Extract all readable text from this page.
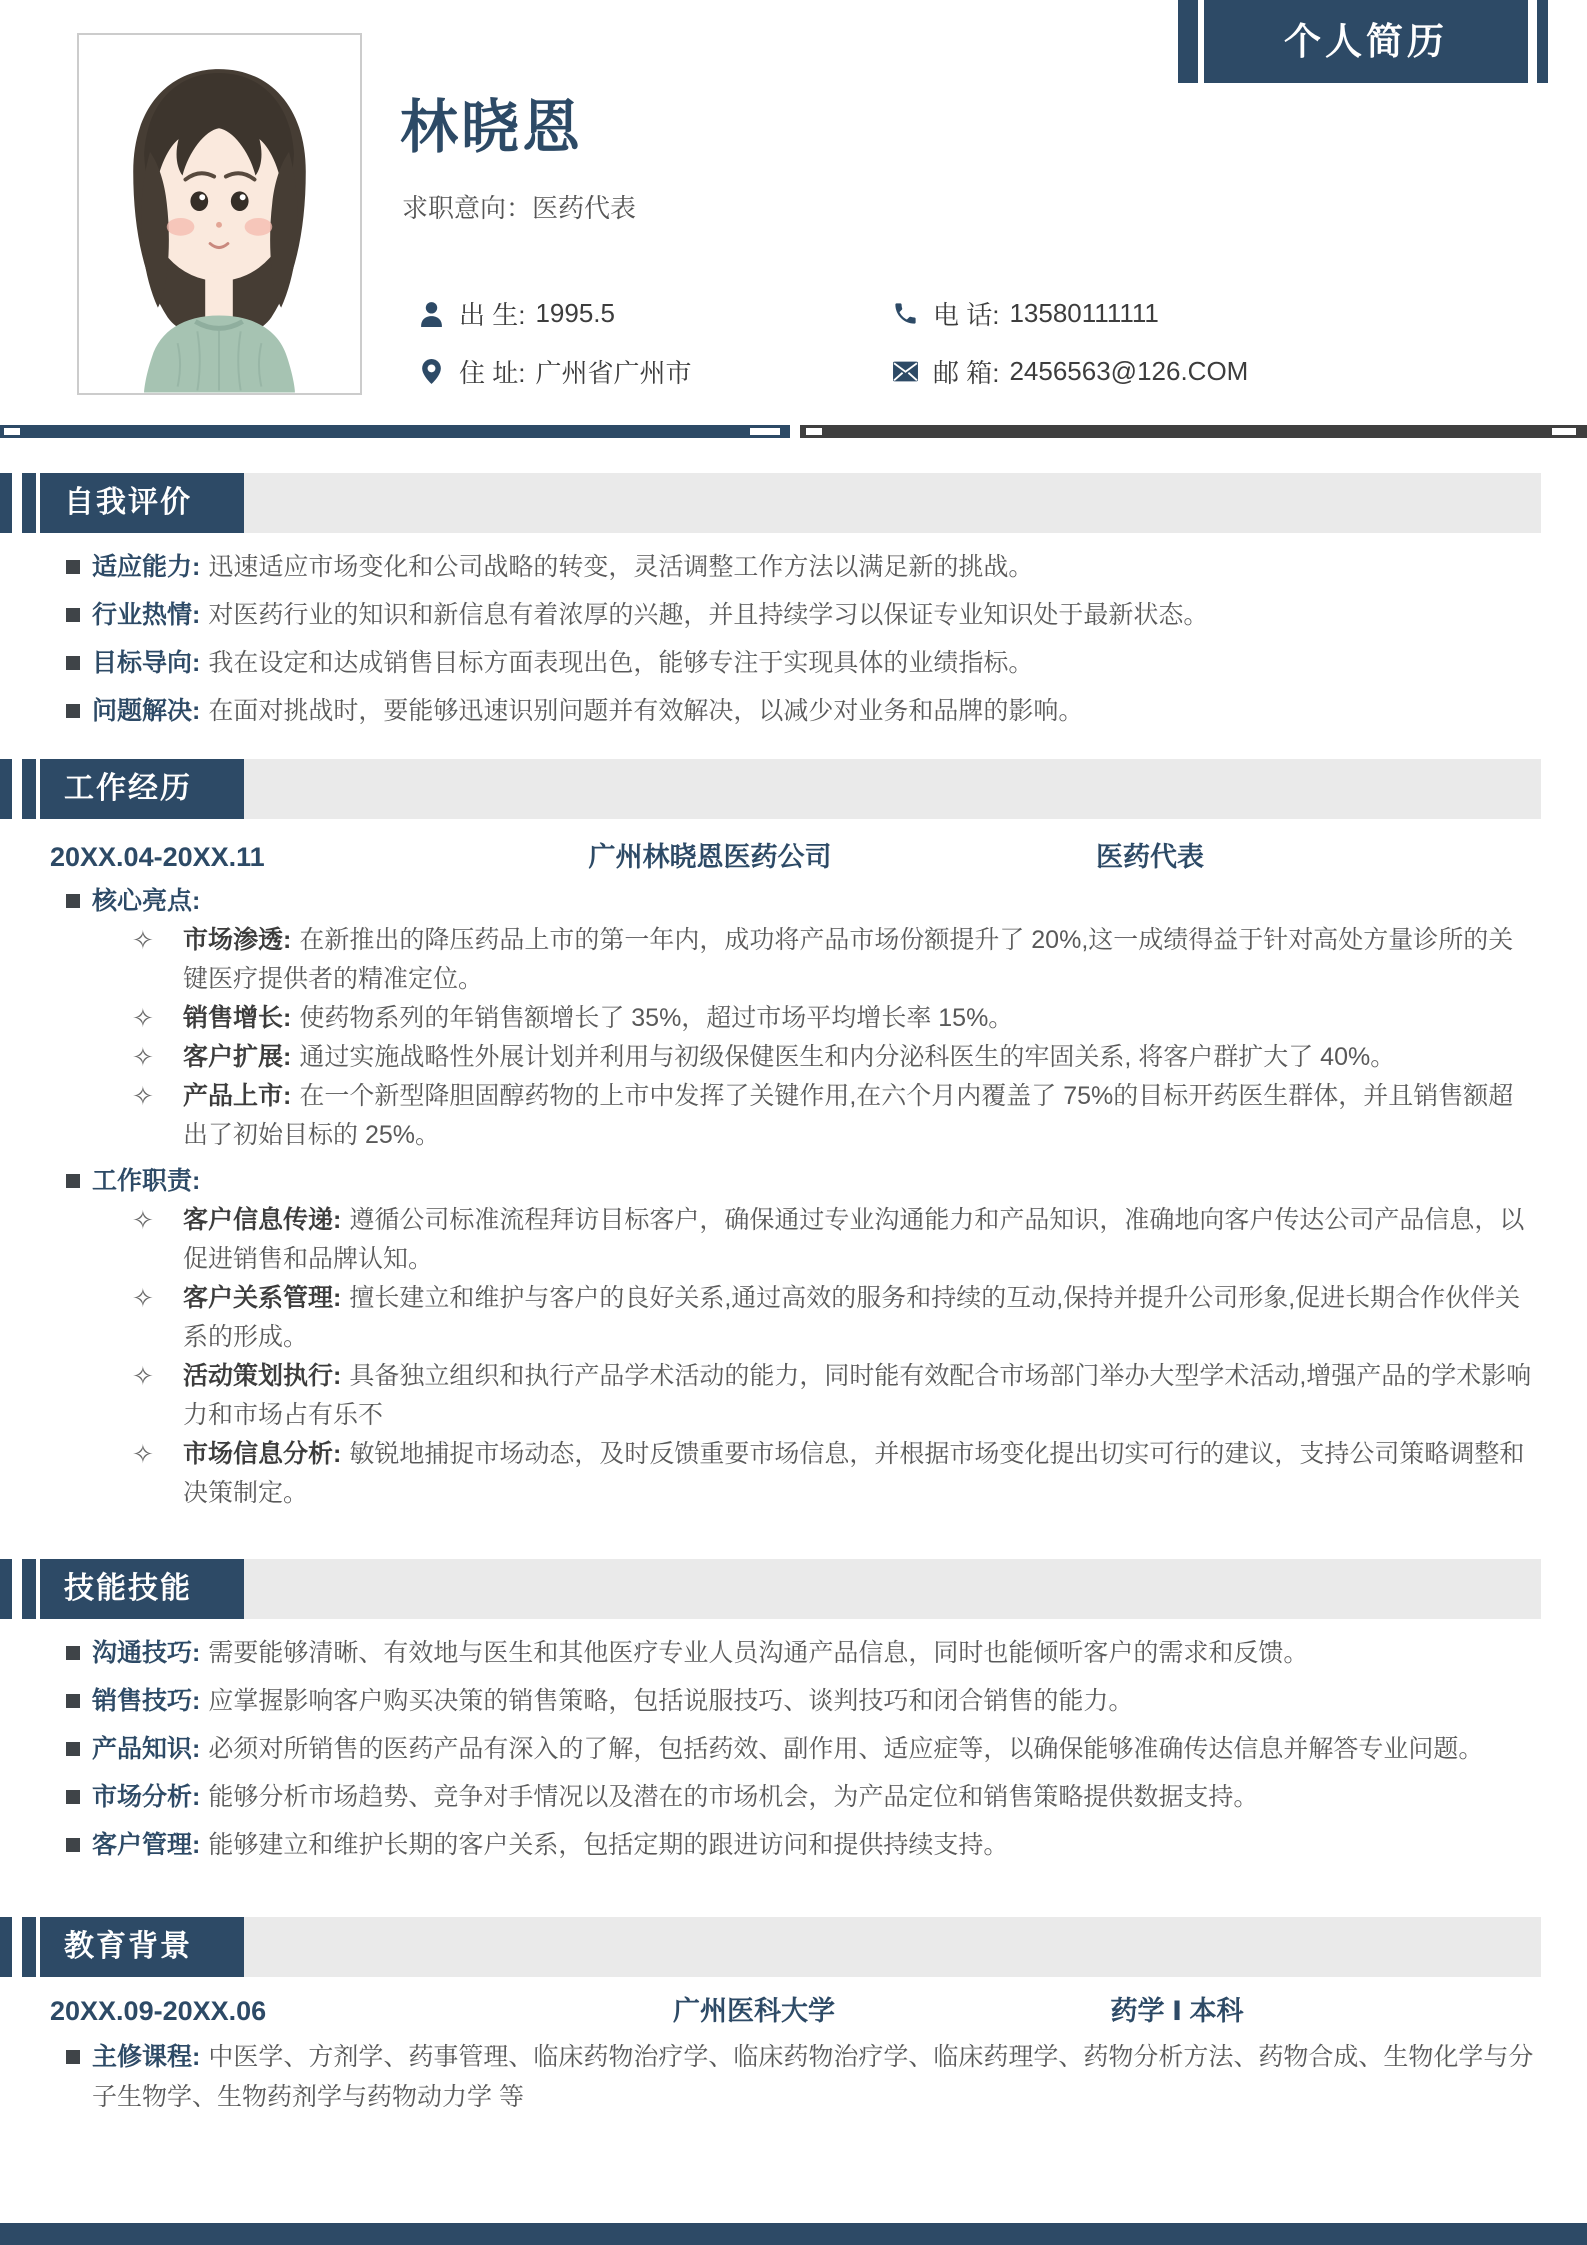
个人简历
林晓恩
求职意向：医药代表
出 生: 1995.5	电 话: 13580111111
住 址: 广州省广州市	邮 箱: 2456563@126.COM
自我评价
适应能力: 迅速适应市场变化和公司战略的转变，灵活调整工作方法以满足新的挑战。
行业热情: 对医药行业的知识和新信息有着浓厚的兴趣，并且持续学习以保证专业知识处于最新状态。
目标导向: 我在设定和达成销售目标方面表现出色，能够专注于实现具体的业绩指标。
问题解决: 在面对挑战时，要能够迅速识别问题并有效解决，以减少对业务和品牌的影响。
工作经历
20XX.04-20XX.11	广州林晓恩医药公司	医药代表
核心亮点:
✧ 市场渗透: 在新推出的降压药品上市的第一年内，成功将产品市场份额提升了 20%,这一成绩得益于针对高处方量诊所的关键医疗提供者的精准定位。
✧ 销售增长: 使药物系列的年销售额增长了 35%，超过市场平均增长率 15%。
✧ 客户扩展: 通过实施战略性外展计划并利用与初级保健医生和内分泌科医生的牢固关系, 将客户群扩大了 40%。
✧ 产品上市: 在一个新型降胆固醇药物的上市中发挥了关键作用,在六个月内覆盖了 75%的目标开药医生群体，并且销售额超出了初始目标的 25%。
工作职责:
✧ 客户信息传递: 遵循公司标准流程拜访目标客户，确保通过专业沟通能力和产品知识，准确地向客户传达公司产品信息，以促进销售和品牌认知。
✧ 客户关系管理: 擅长建立和维护与客户的良好关系,通过高效的服务和持续的互动,保持并提升公司形象,促进长期合作伙伴关系的形成。
✧ 活动策划执行: 具备独立组织和执行产品学术活动的能力，同时能有效配合市场部门举办大型学术活动,增强产品的学术影响力和市场占有乐不
✧ 市场信息分析: 敏锐地捕捉市场动态，及时反馈重要市场信息，并根据市场变化提出切实可行的建议，支持公司策略调整和决策制定。
技能技能
沟通技巧: 需要能够清晰、有效地与医生和其他医疗专业人员沟通产品信息，同时也能倾听客户的需求和反馈。
销售技巧: 应掌握影响客户购买决策的销售策略，包括说服技巧、谈判技巧和闭合销售的能力。
产品知识: 必须对所销售的医药产品有深入的了解，包括药效、副作用、适应症等，以确保能够准确传达信息并解答专业问题。
市场分析: 能够分析市场趋势、竞争对手情况以及潜在的市场机会，为产品定位和销售策略提供数据支持。
客户管理: 能够建立和维护长期的客户关系，包括定期的跟进访问和提供持续支持。
教育背景
20XX.09-20XX.06	广州医科大学	药学 Ⅰ 本科
主修课程: 中医学、方剂学、药事管理、临床药物治疗学、临床药物治疗学、临床药理学、药物分析方法、药物合成、生物化学与分子生物学、生物药剂学与药物动力学 等
